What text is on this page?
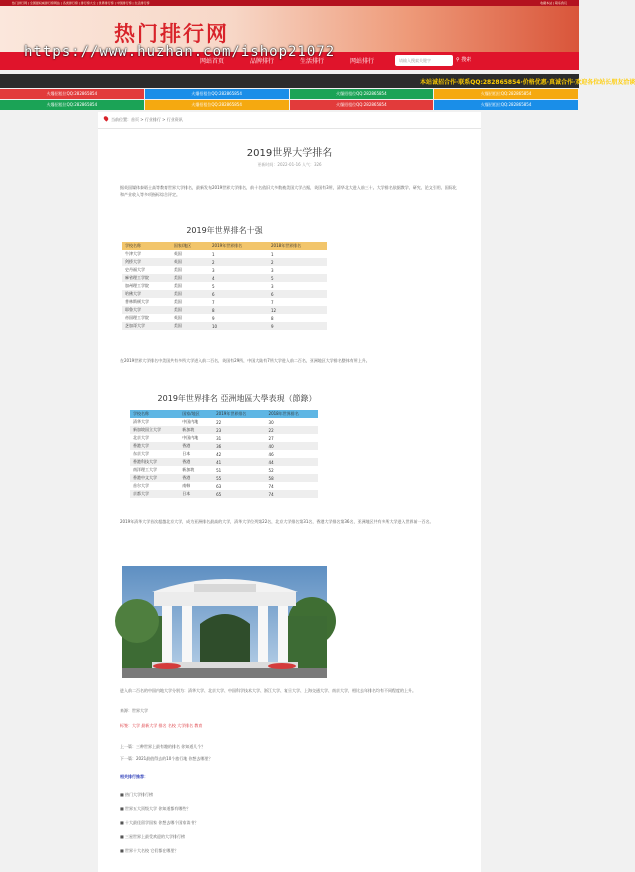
热门排行网 | 全国最权威排行榜网站 | 各类排行榜 | 排行榜大全 | 世界排行榜 | 中国排行榜 | 生活排行榜	收藏本站 | 联系我们
热门排行网
网站首页	品牌排行	生活排行	网站排行	请输入搜索关键字	⚲ 搜索
https://www.huzhan.com/ishop21072
本站诚招合作·联系QQ:282865854·价格优惠·真诚合作·欢迎各位站长朋友洽谈
火爆招租位QQ:282865854	火爆招租位QQ:282865854	火爆招租位QQ:282865854	火爆招租位QQ:282865854
火爆招租位QQ:282865854	火爆招租位QQ:282865854	火爆招租位QQ:282865854	火爆招租位QQ:282865854
当前位置：首页 > 行业排行 > 行业资讯
2019世界大学排名
更新时间：2022-01-16 人气：326
据英国媒体泰晤士高等教育世界大学排名，最新发布2019世界大学排名，前十名依旧大多数被美国大学占据，英国有3所，清华北大进入前三十。大学排名依据教学、研究、论文引用、国际化和产业收入等多项指标综合评定。
2019年世界排名十强
学校名称	国家/地区	2019年世界排名	2018年世界排名
牛津大学	英国	1	1
剑桥大学	英国	2	2
史丹福大学	美国	3	3
麻省理工学院	美国	4	5
加州理工学院	美国	5	3
哈佛大学	美国	6	6
普林斯顿大学	美国	7	7
耶鲁大学	美国	8	12
帝国理工学院	英国	9	8
芝加哥大学	美国	10	9
在2019世界大学排名中美国共有多所大学进入前二百名，英国有29所，中国大陆有7所大学进入前二百名，亚洲地区大学排名整体有所上升。
2019年世界排名 亞洲地區大學表現（節錄）
学校名称	国家/地区	2019年世界排名	2018年世界排名
清华大学	中国内地	22	30
新加坡国立大学	新加坡	23	22
北京大学	中国内地	31	27
香港大学	香港	36	40
东京大学	日本	42	46
香港科技大学	香港	41	44
南洋理工大学	新加坡	51	52
香港中文大学	香港	55	58
首尔大学	南韩	63	74
京都大学	日本	65	74
2019年清华大学首次超越北京大学，成为亚洲排名最高的大学，清华大学位列第22名，北京大学排名第31名，香港大学排名第36名，亚洲地区共有多所大学进入世界前一百名。
进入前二百名的中国内地大学分别为：清华大学、北京大学、中国科学技术大学、浙江大学、复旦大学、上海交通大学、南京大学，相比去年排名均有不同程度的上升。
来源：世界大学
标签：大学 最新大学 排名 名校 大学排名 教育
上一篇：三种世界上最有趣的排名 你知道几个？
下一篇：2021最值得去的10个旅行地 你想去哪里？
相关排行推荐：
■ 热门大学排行榜
■ 世界五大顶级大学 你知道都有哪些？
■ 十大最佳留学国家 你想去哪个国家读书？
■ 三星世界上最受欢迎的大学排行榜
■ 世界十大名校 它们都在哪里？
